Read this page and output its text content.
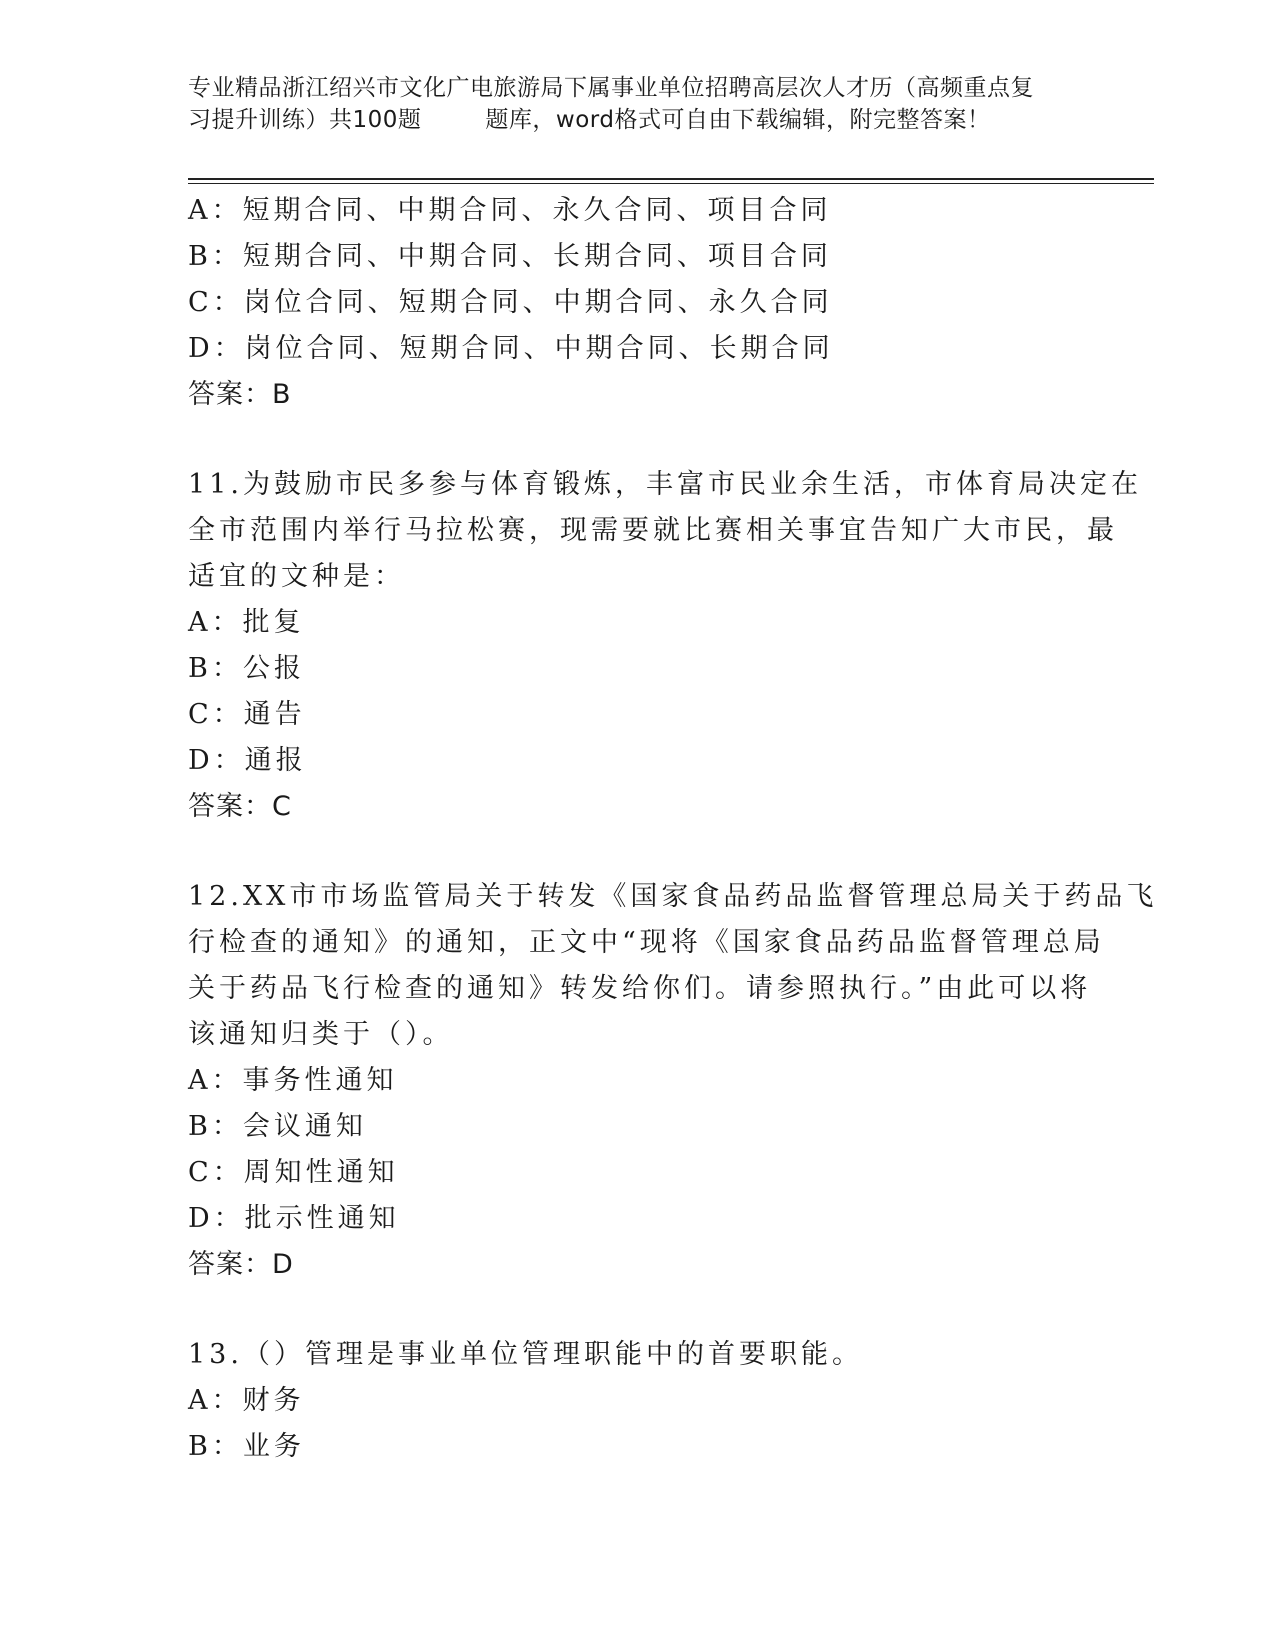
专业精品浙江绍兴市文化广电旅游局下属事业单位招聘高层次人才历（高频重点复
习提升训练）共100题	题库，word格式可自由下载编辑，附完整答案！
A：短期合同、中期合同、永久合同、项目合同
B：短期合同、中期合同、长期合同、项目合同
C：岗位合同、短期合同、中期合同、永久合同
D：岗位合同、短期合同、中期合同、长期合同
答案：B
11.为鼓励市民多参与体育锻炼，丰富市民业余生活，市体育局决定在
全市范围内举行马拉松赛，现需要就比赛相关事宜告知广大市民，最
适宜的文种是：
A：批复
B：公报
C：通告
D：通报
答案：C
12.XX市市场监管局关于转发《国家食品药品监督管理总局关于药品飞
行检查的通知》的通知，正文中“现将《国家食品药品监督管理总局
关于药品飞行检查的通知》转发给你们。请参照执行。”由此可以将
该通知归类于（）。
A：事务性通知
B：会议通知
C：周知性通知
D：批示性通知
答案：D
13.（）管理是事业单位管理职能中的首要职能。
A：财务
B：业务
